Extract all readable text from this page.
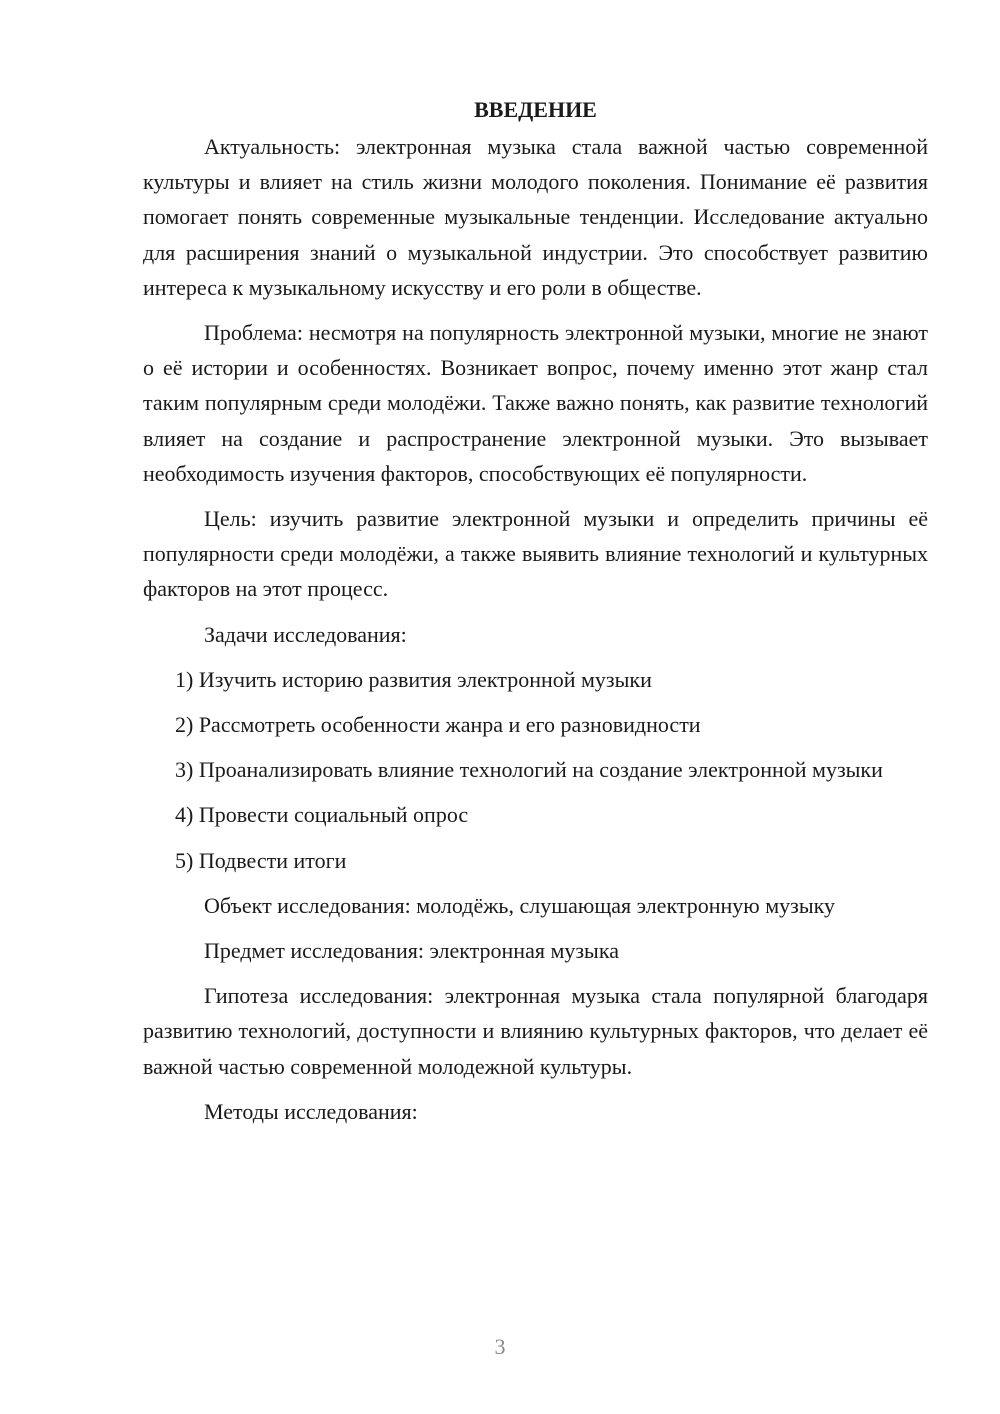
ВВЕДЕНИЕ

Актуальность: электронная музыка стала важной частью современной культуры и влияет на стиль жизни молодого поколения. Понимание её развития помогает понять современные музыкальные тенденции. Исследование актуально для расширения знаний о музыкальной индустрии. Это способствует развитию интереса к музыкальному искусству и его роли в обществе.

Проблема: несмотря на популярность электронной музыки, многие не знают о её истории и особенностях. Возникает вопрос, почему именно этот жанр стал таким популярным среди молодёжи. Также важно понять, как развитие технологий влияет на создание и распространение электронной музыки. Это вызывает необходимость изучения факторов, способствующих её популярности.

Цель: изучить развитие электронной музыки и определить причины её популярности среди молодёжи, а также выявить влияние технологий и культурных факторов на этот процесс.

Задачи исследования:

1) Изучить историю развития электронной музыки

2) Рассмотреть особенности жанра и его разновидности

3) Проанализировать влияние технологий на создание электронной музыки

4) Провести социальный опрос

5) Подвести итоги

Объект исследования: молодёжь, слушающая электронную музыку

Предмет исследования: электронная музыка

Гипотеза исследования: электронная музыка стала популярной благодаря развитию технологий, доступности и влиянию культурных факторов, что делает её важной частью современной молодежной культуры.

Методы исследования:

3
